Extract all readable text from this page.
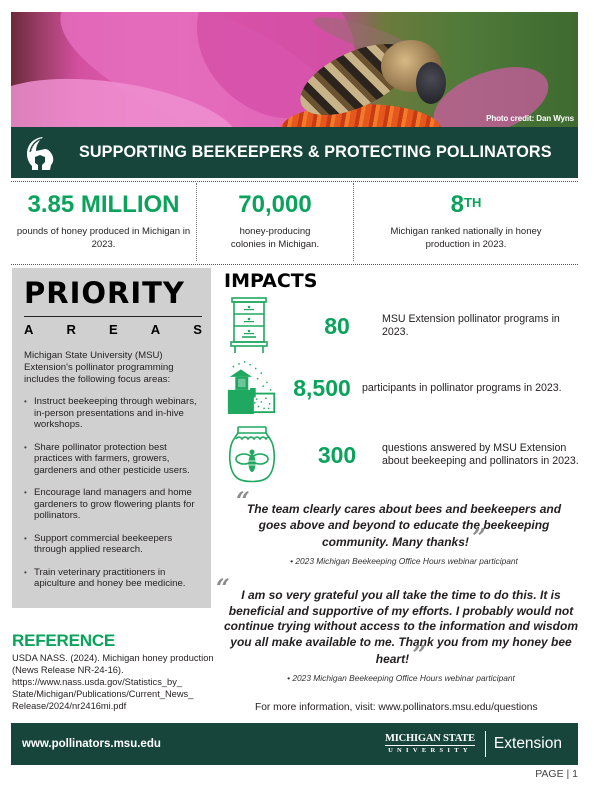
Photo credit: Dan Wyns
SUPPORTING BEEKEEPERS & PROTECTING POLLINATORS
3.85 MILLION
pounds of honey produced in Michigan in 2023.
70,000
honey-producing colonies in Michigan.
8TH
Michigan ranked nationally in honey production in 2023.
PRIORITY
A	R	E	A	S

Michigan State University (MSU) Extension's pollinator programming includes the following focus areas:

• Instruct beekeeping through webinars, in-person presentations and in-hive workshops.
• Share pollinator protection best practices with farmers, growers, gardeners and other pesticide users.
• Encourage land managers and home gardeners to grow flowering plants for pollinators.
• Support commercial beekeepers through applied research.
• Train veterinary practitioners in apiculture and honey bee medicine.
REFERENCE
USDA NASS. (2024). Michigan honey production (News Release NR-24-16).
https://www.nass.usda.gov/Statistics_by_
State/Michigan/Publications/Current_News_
Release/2024/nr2416mi.pdf
IMPACTS
80	MSU Extension pollinator programs in 2023.
8,500	participants in pollinator programs in 2023.
300	questions answered by MSU Extension about beekeeping and pollinators in 2023.
“
The team clearly cares about bees and beekeepers and goes above and beyond to educate the beekeeping community. Many thanks! ”
• 2023 Michigan Beekeeping Office Hours webinar participant
“ I am so very grateful you all take the time to do this. It is beneficial and supportive of my efforts. I probably would not continue trying without access to the information and wisdom you all make available to me. Thank you from my honey bee heart! ”
• 2023 Michigan Beekeeping Office Hours webinar participant
For more information, visit: www.pollinators.msu.edu/questions
www.pollinators.msu.edu	MICHIGAN STATE
UNIVERSITY Extension
PAGE | 1
